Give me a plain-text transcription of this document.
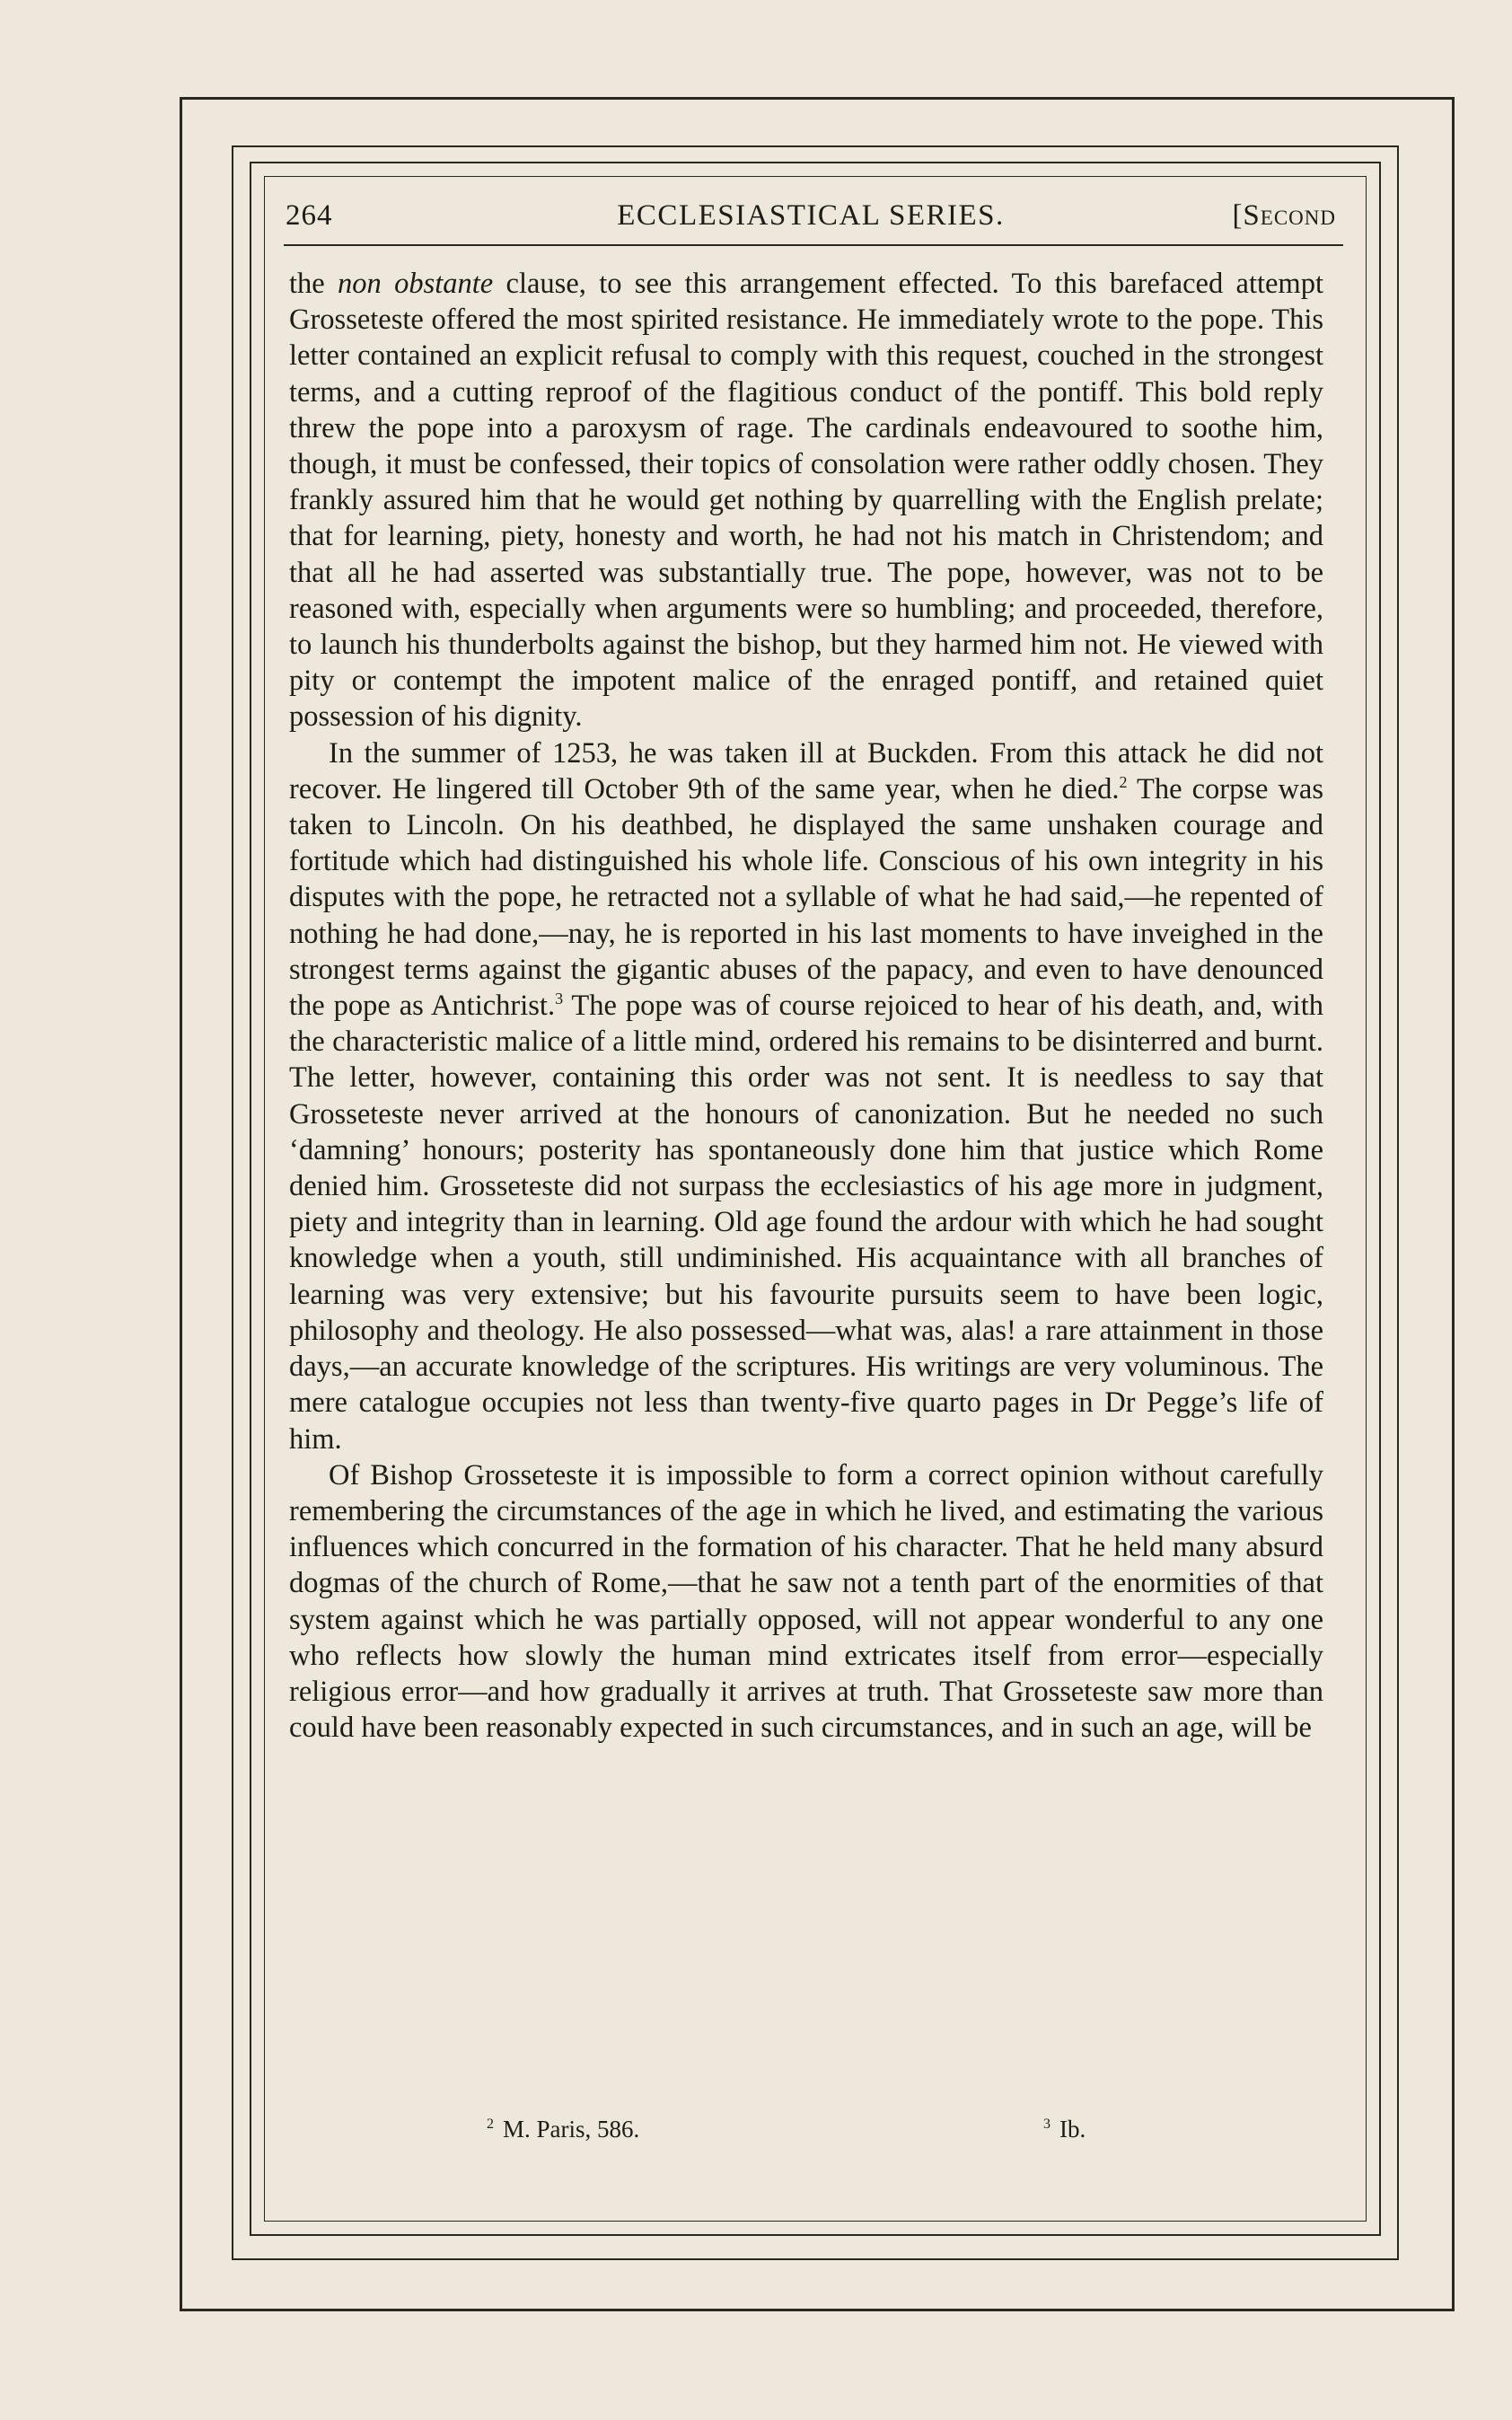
264	ECCLESIASTICAL SERIES.	[Second

the non obstante clause, to see this arrangement effected. To this barefaced attempt Grosseteste offered the most spirited resistance. He immediately wrote to the pope. This letter contained an explicit refusal to comply with this request, couched in the strongest terms, and a cutting reproof of the flagitious conduct of the pontiff. This bold reply threw the pope into a paroxysm of rage. The cardinals endeavoured to soothe him, though, it must be confessed, their topics of consolation were rather oddly chosen. They frankly assured him that he would get nothing by quarrelling with the English prelate; that for learning, piety, honesty and worth, he had not his match in Christendom; and that all he had asserted was substantially true. The pope, however, was not to be reasoned with, especially when arguments were so humbling; and proceeded, therefore, to launch his thunderbolts against the bishop, but they harmed him not. He viewed with pity or contempt the impotent malice of the enraged pontiff, and retained quiet possession of his dignity.

In the summer of 1253, he was taken ill at Buckden. From this attack he did not recover. He lingered till October 9th of the same year, when he died.$^2$ The corpse was taken to Lincoln. On his deathbed, he displayed the same unshaken courage and fortitude which had distinguished his whole life. Conscious of his own integrity in his disputes with the pope, he retracted not a syllable of what he had said,—he repented of nothing he had done,—nay, he is reported in his last moments to have inveighed in the strongest terms against the gigantic abuses of the papacy, and even to have denounced the pope as Antichrist.$^3$ The pope was of course rejoiced to hear of his death, and, with the characteristic malice of a little mind, ordered his remains to be disinterred and burnt. The letter, however, containing this order was not sent. It is needless to say that Grosseteste never arrived at the honours of canonization. But he needed no such ‘damning’ honours; posterity has spontaneously done him that justice which Rome denied him. Grosseteste did not surpass the ecclesiastics of his age more in judgment, piety and integrity than in learning. Old age found the ardour with which he had sought knowledge when a youth, still undiminished. His acquaintance with all branches of learning was very extensive; but his favourite pursuits seem to have been logic, philosophy and theology. He also possessed—what was, alas! a rare attainment in those days,—an accurate knowledge of the scriptures. His writings are very voluminous. The mere catalogue occupies not less than twenty-five quarto pages in Dr Pegge’s life of him.

Of Bishop Grosseteste it is impossible to form a correct opinion without carefully remembering the circumstances of the age in which he lived, and estimating the various influences which concurred in the formation of his character. That he held many absurd dogmas of the church of Rome,—that he saw not a tenth part of the enormities of that system against which he was partially opposed, will not appear wonderful to any one who reflects how slowly the human mind extricates itself from error—especially religious error—and how gradually it arrives at truth. That Grosseteste saw more than could have been reasonably expected in such circumstances, and in such an age, will be

$^2$ M. Paris, 586.	$^3$ Ib.
